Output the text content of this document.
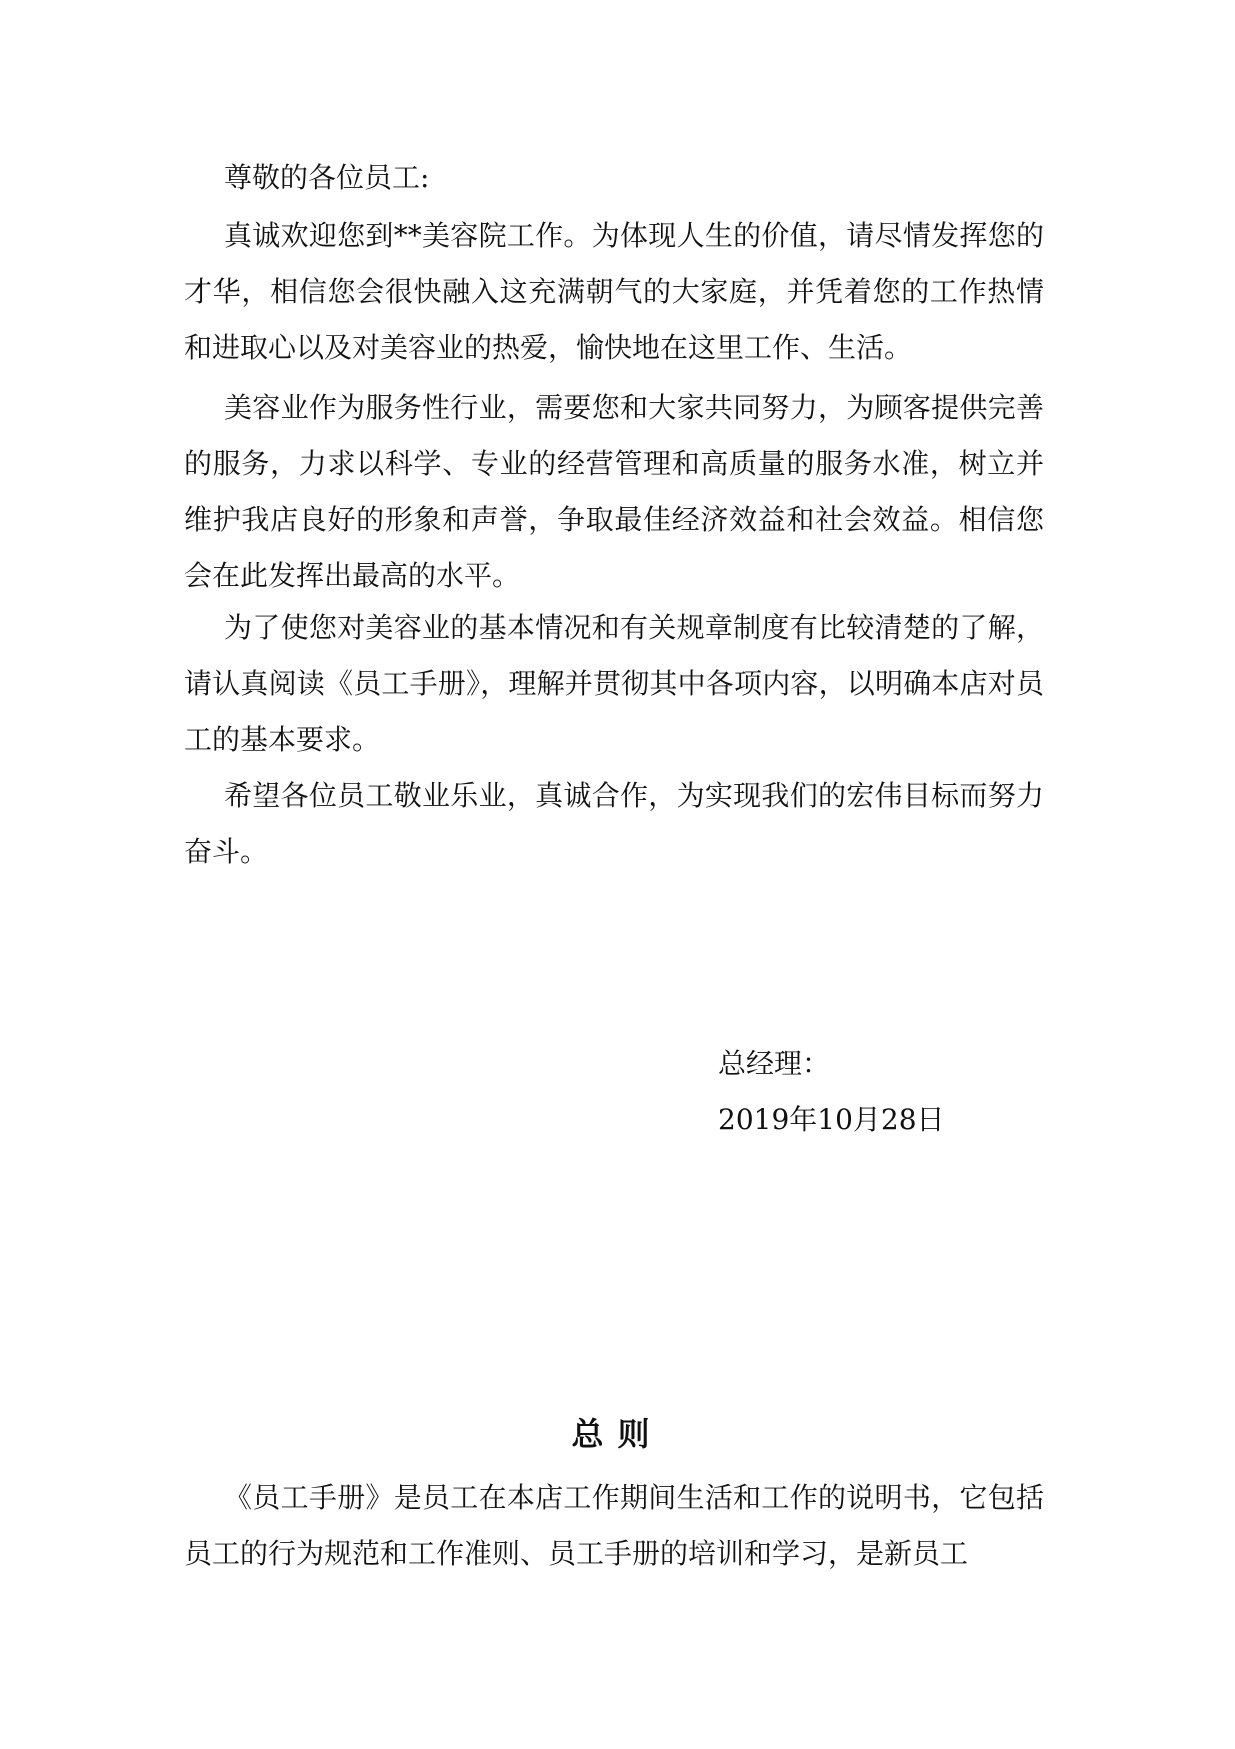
尊敬的各位员工:

真诚欢迎您到**美容院工作。为体现人生的价值，请尽情发挥您的才华，相信您会很快融入这充满朝气的大家庭，并凭着您的工作热情和进取心以及对美容业的热爱，愉快地在这里工作、生活。

美容业作为服务性行业，需要您和大家共同努力，为顾客提供完善的服务，力求以科学、专业的经营管理和高质量的服务水准，树立并维护我店良好的形象和声誉，争取最佳经济效益和社会效益。相信您会在此发挥出最高的水平。

为了使您对美容业的基本情况和有关规章制度有比较清楚的了解，请认真阅读《员工手册》，理解并贯彻其中各项内容，以明确本店对员工的基本要求。

希望各位员工敬业乐业，真诚合作，为实现我们的宏伟目标而努力奋斗。

总经理：
2019年10月28日
总则

《员工手册》是员工在本店工作期间生活和工作的说明书，它包括员工的行为规范和工作准则、员工手册的培训和学习，是新员工
